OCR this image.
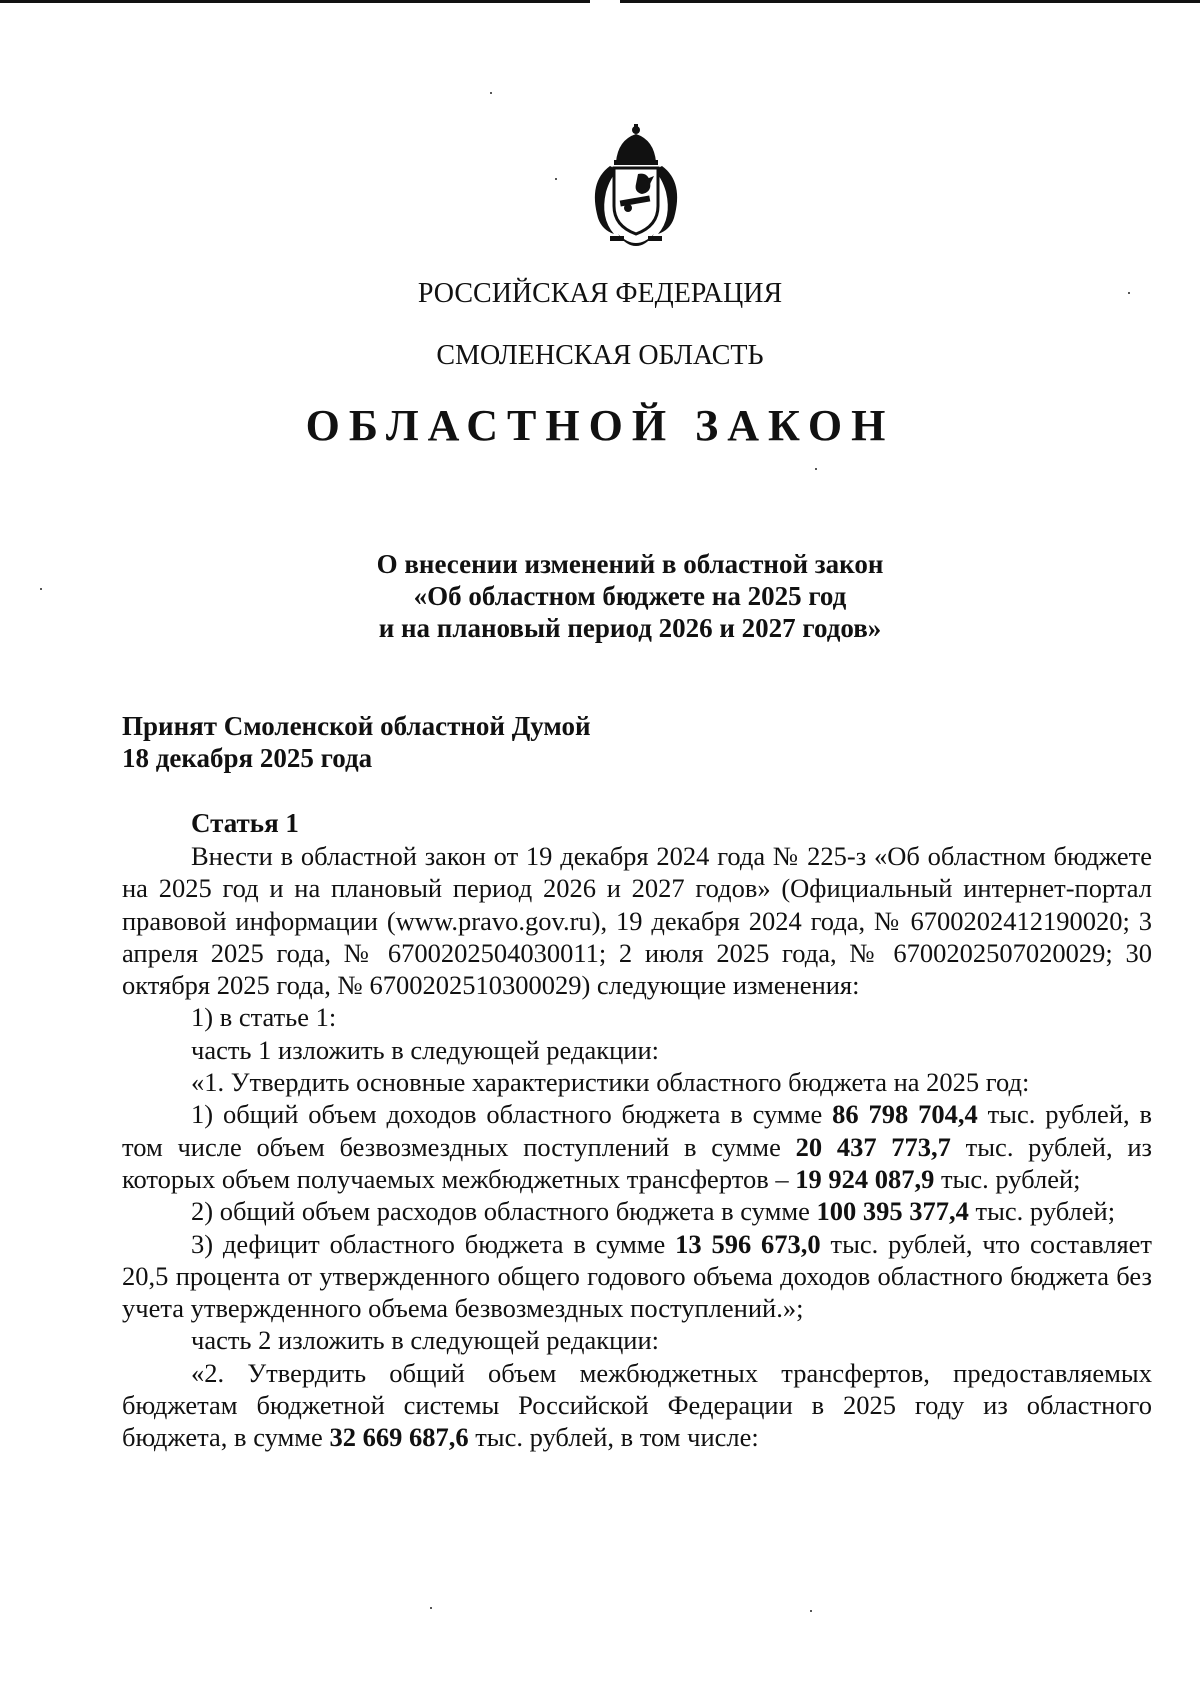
РОССИЙСКАЯ ФЕДЕРАЦИЯ
СМОЛЕНСКАЯ ОБЛАСТЬ
ОБЛАСТНОЙ ЗАКОН
О внесении изменений в областной закон
«Об областном бюджете на 2025 год
и на плановый период 2026 и 2027 годов»
Принят Смоленской областной Думой
18 декабря 2025 года
Статья 1

Внести в областной закон от 19 декабря 2024 года № 225-з «Об областном бюджете на 2025 год и на плановый период 2026 и 2027 годов» (Официальный интернет-портал правовой информации (www.pravo.gov.ru), 19 декабря 2024 года, № 6700202412190020; 3 апреля 2025 года, № 6700202504030011; 2 июля 2025 года, № 6700202507020029; 30 октября 2025 года, № 6700202510300029) следующие изменения:

1) в статье 1:

часть 1 изложить в следующей редакции:

«1. Утвердить основные характеристики областного бюджета на 2025 год:

1) общий объем доходов областного бюджета в сумме 86 798 704,4 тыс. рублей, в том числе объем безвозмездных поступлений в сумме 20 437 773,7 тыс. рублей, из которых объем получаемых межбюджетных трансфертов – 19 924 087,9 тыс. рублей;

2) общий объем расходов областного бюджета в сумме 100 395 377,4 тыс. рублей;

3) дефицит областного бюджета в сумме 13 596 673,0 тыс. рублей, что составляет 20,5 процента от утвержденного общего годового объема доходов областного бюджета без учета утвержденного объема безвозмездных поступлений.»;

часть 2 изложить в следующей редакции:

«2. Утвердить общий объем межбюджетных трансфертов, предоставляемых бюджетам бюджетной системы Российской Федерации в 2025 году из областного бюджета, в сумме 32 669 687,6 тыс. рублей, в том числе:
